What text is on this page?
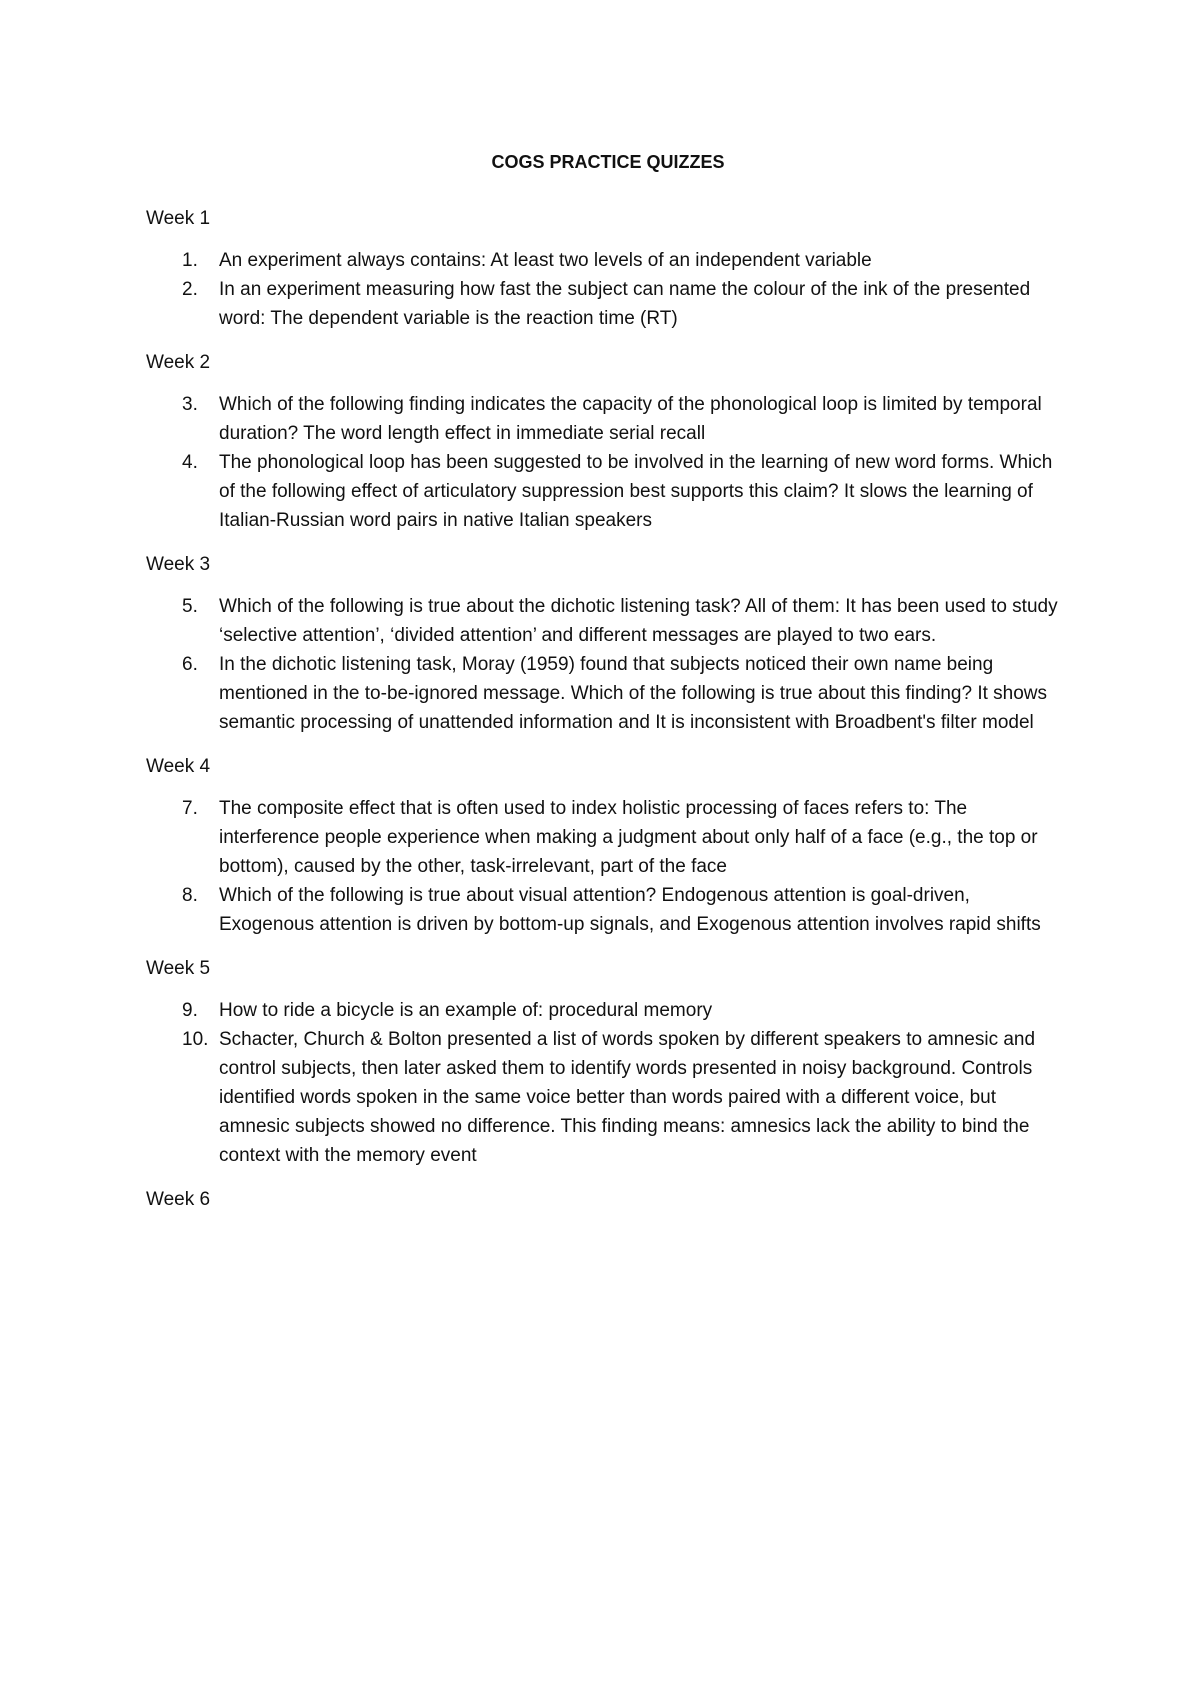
COGS PRACTICE QUIZZES
Week 1
1.	An experiment always contains: At least two levels of an independent variable
2.	In an experiment measuring how fast the subject can name the colour of the ink of the presented word: The dependent variable is the reaction time (RT)
Week 2
3.	Which of the following finding indicates the capacity of the phonological loop is limited by temporal duration? The word length effect in immediate serial recall
4.	The phonological loop has been suggested to be involved in the learning of new word forms. Which of the following effect of articulatory suppression best supports this claim? It slows the learning of Italian-Russian word pairs in native Italian speakers
Week 3
5.	Which of the following is true about the dichotic listening task? All of them: It has been used to study ‘selective attention’, ‘divided attention’ and different messages are played to two ears.
6.	In the dichotic listening task, Moray (1959) found that subjects noticed their own name being mentioned in the to-be-ignored message. Which of the following is true about this finding? It shows semantic processing of unattended information and It is inconsistent with Broadbent's filter model
Week 4
7.	The composite effect that is often used to index holistic processing of faces refers to: The interference people experience when making a judgment about only half of a face (e.g., the top or bottom), caused by the other, task-irrelevant, part of the face
8.	Which of the following is true about visual attention? Endogenous attention is goal-driven, Exogenous attention is driven by bottom-up signals, and Exogenous attention involves rapid shifts
Week 5
9.	How to ride a bicycle is an example of: procedural memory
10. Schacter, Church & Bolton presented a list of words spoken by different speakers to amnesic and control subjects, then later asked them to identify words presented in noisy background. Controls identified words spoken in the same voice better than words paired with a different voice, but amnesic subjects showed no difference. This finding means: amnesics lack the ability to bind the context with the memory event
Week 6
